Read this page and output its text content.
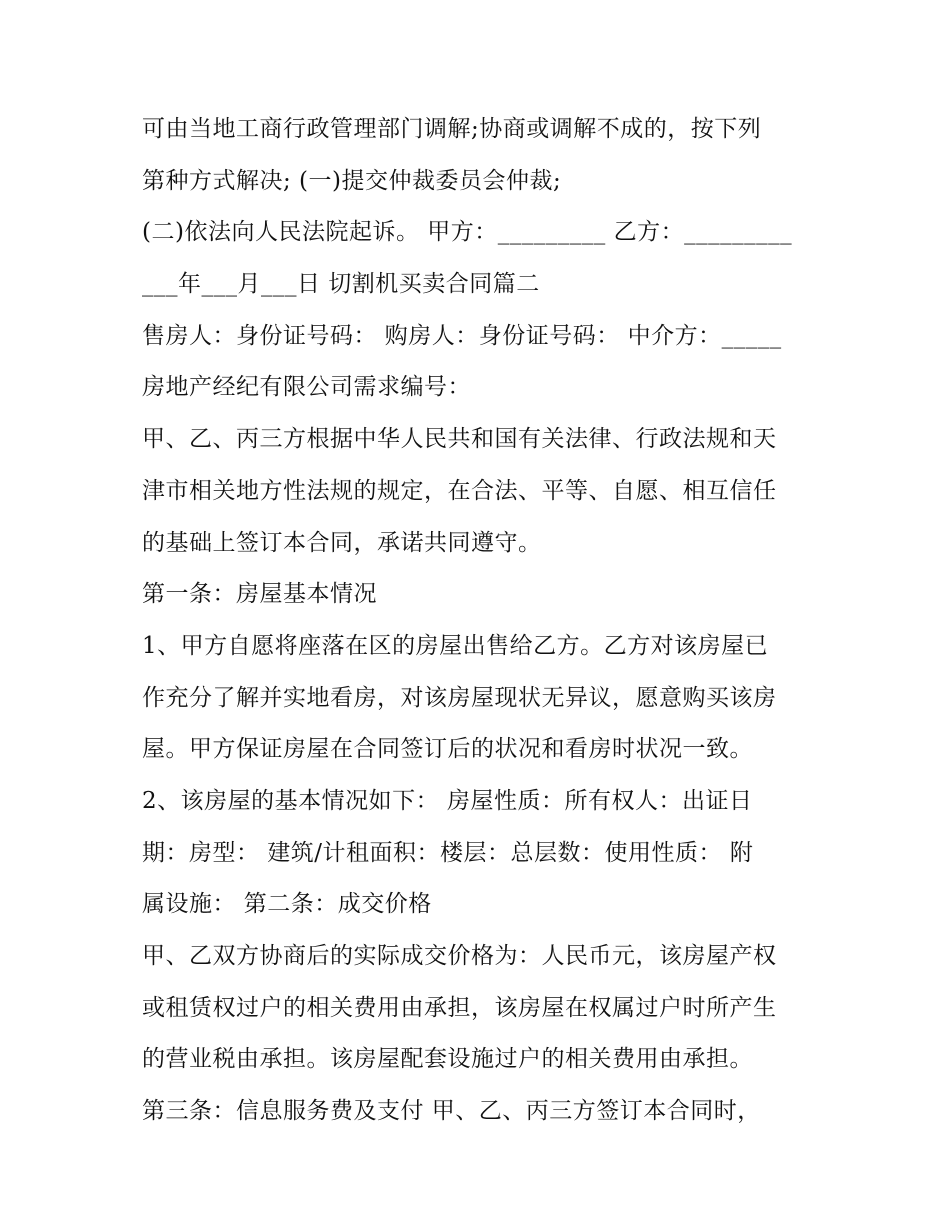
可由当地工商行政管理部门调解;协商或调解不成的，按下列
第种方式解决; (一)提交仲裁委员会仲裁;
(二)依法向人民法院起诉。 甲方：_________ 乙方：_________
___年___月___日 切割机买卖合同篇二
售房人：身份证号码： 购房人：身份证号码： 中介方：_____
房地产经纪有限公司需求编号：
甲、乙、丙三方根据中华人民共和国有关法律、行政法规和天
津市相关地方性法规的规定，在合法、平等、自愿、相互信任
的基础上签订本合同，承诺共同遵守。
第一条：房屋基本情况
1、甲方自愿将座落在区的房屋出售给乙方。乙方对该房屋已
作充分了解并实地看房，对该房屋现状无异议，愿意购买该房
屋。甲方保证房屋在合同签订后的状况和看房时状况一致。
2、该房屋的基本情况如下： 房屋性质：所有权人：出证日
期：房型： 建筑/计租面积：楼层：总层数：使用性质： 附
属设施： 第二条：成交价格
甲、乙双方协商后的实际成交价格为：人民币元，该房屋产权
或租赁权过户的相关费用由承担，该房屋在权属过户时所产生
的营业税由承担。该房屋配套设施过户的相关费用由承担。
第三条：信息服务费及支付 甲、乙、丙三方签订本合同时，
